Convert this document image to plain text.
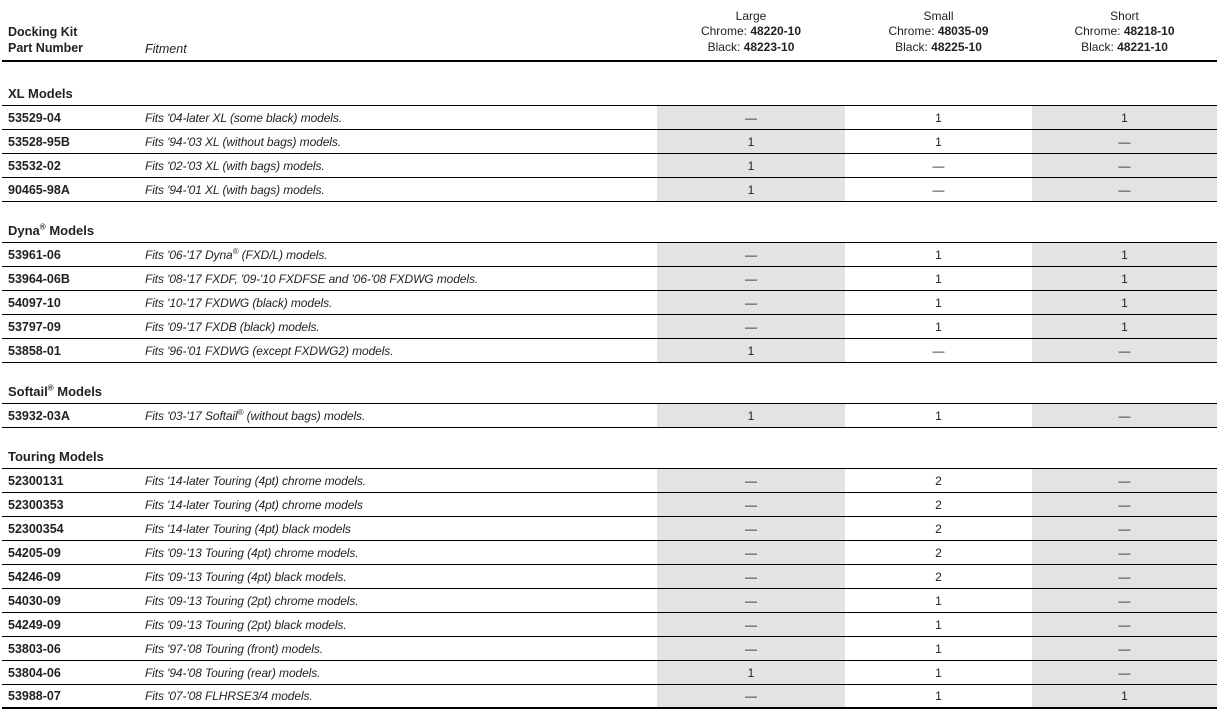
Docking Kit
Part Number	Fitment
Large
Chrome: 48220-10
Black: 48223-10
Small
Chrome: 48035-09
Black: 48225-10
Short
Chrome: 48218-10
Black: 48221-10
XL Models
53529-04	Fits '04-later XL (some black) models.	—	1	1
53528-95B	Fits '94-'03 XL (without bags) models.	1	1	—
53532-02	Fits '02-'03 XL (with bags) models.	1	—	—
90465-98A	Fits '94-'01 XL (with bags) models.	1	—	—
Dyna® Models
53961-06	Fits '06-'17 Dyna® (FXD/L) models.	—	1	1
53964-06B	Fits '08-'17 FXDF, '09-'10 FXDFSE and '06-'08 FXDWG models.	—	1	1
54097-10	Fits '10-'17 FXDWG (black) models.	—	1	1
53797-09	Fits '09-'17 FXDB (black) models.	—	1	1
53858-01	Fits '96-'01 FXDWG (except FXDWG2) models.	1	—	—
Softail® Models
53932-03A	Fits '03-'17 Softail® (without bags) models.	1	1	—
Touring Models
52300131	Fits '14-later Touring (4pt) chrome models.	—	2	—
52300353	Fits '14-later Touring (4pt) chrome models	—	2	—
52300354	Fits '14-later Touring (4pt) black models	—	2	—
54205-09	Fits '09-'13 Touring (4pt) chrome models.	—	2	—
54246-09	Fits '09-'13 Touring (4pt) black models.	—	2	—
54030-09	Fits '09-'13 Touring (2pt) chrome models.	—	1	—
54249-09	Fits '09-'13 Touring (2pt) black models.	—	1	—
53803-06	Fits '97-'08 Touring (front) models.	—	1	—
53804-06	Fits '94-'08 Touring (rear) models.	1	1	—
53988-07	Fits '07-'08 FLHRSE3/4 models.	—	1	1
